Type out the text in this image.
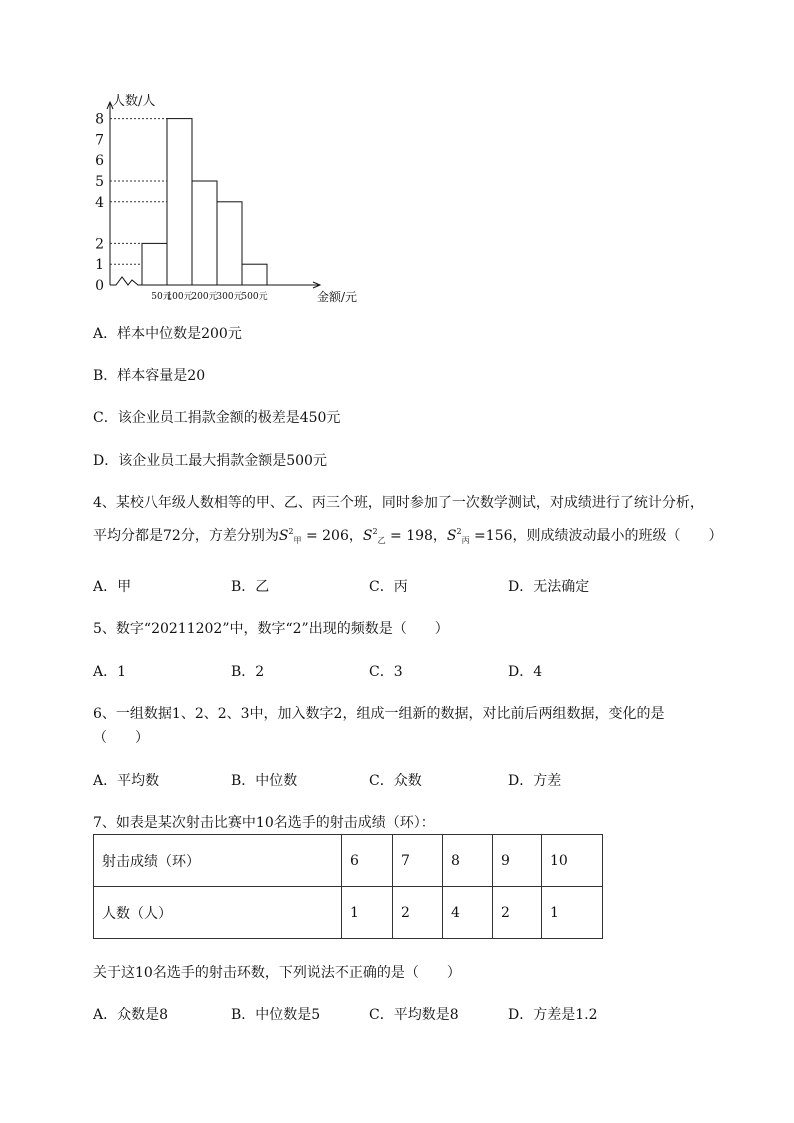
0
1
2
4
5
6
7
8
50元
100元
200元
300元
500元
人数/人
金额/元
A．样本中位数是200元
B．样本容量是20
C．该企业员工捐款金额的极差是450元
D．该企业员工最大捐款金额是500元
4、某校八年级人数相等的甲、乙、丙三个班，同时参加了一次数学测试，对成绩进行了统计分析，
平均分都是72分，方差分别为$S^2_甲 = 206$，$S^2_乙 = 198$，$S^2_丙 =156$，则成绩波动最小的班级（　　）
A．甲	B．乙	C．丙	D．无法确定
5、数字“20211202”中，数字“2”出现的频数是（　　）
A．1	B．2	C．3	D．4
6、一组数据1、2、2、3中，加入数字2，组成一组新的数据，对比前后两组数据，变化的是
（　　）
A．平均数	B．中位数	C．众数	D．方差
7、如表是某次射击比赛中10名选手的射击成绩（环）：
射击成绩（环）	6	7	8	9	10
人数（人）	1	2	4	2	1
关于这10名选手的射击环数，下列说法不正确的是（　　）
A．众数是8	B．中位数是5	C．平均数是8	D．方差是1.2
